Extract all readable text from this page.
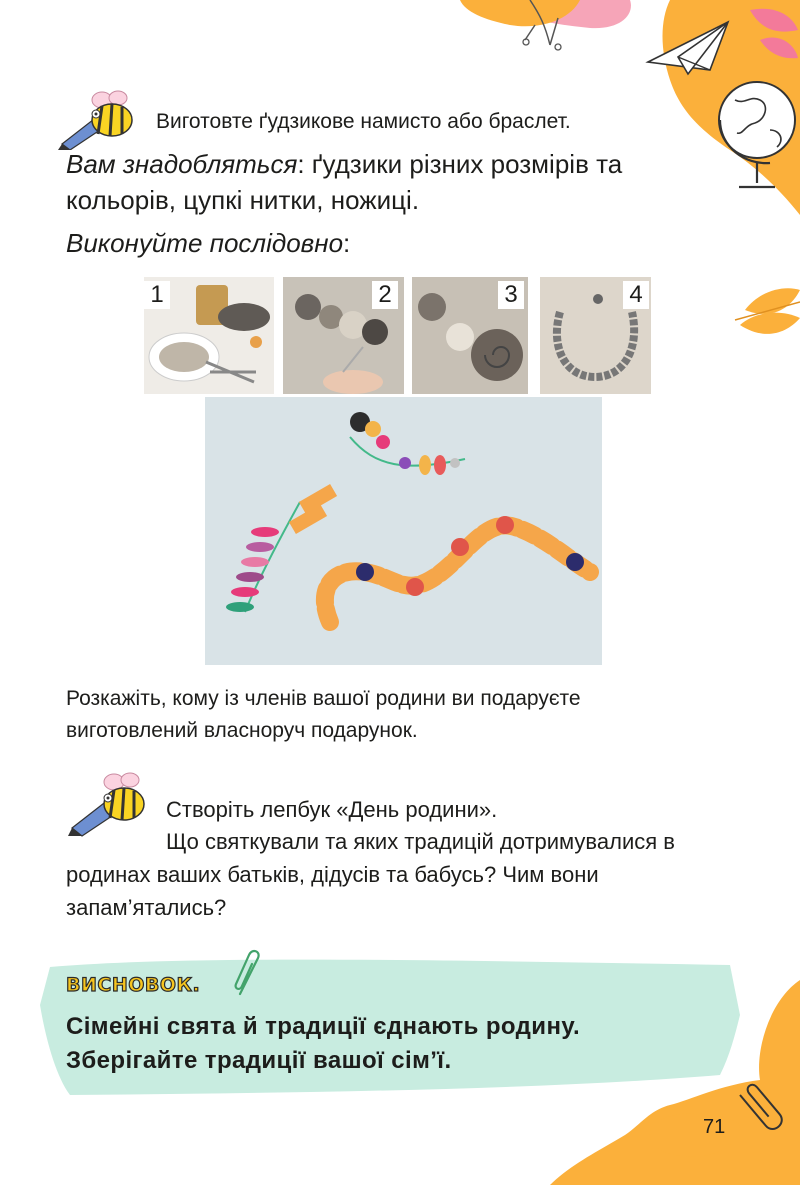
Виготовте ґудзикове намисто або браслет.
Вам знадобляться: ґудзики різних розмірів та кольорів, цупкі нитки, ножиці.
Виконуйте послідовно:
1	2	3	4
Розкажіть, кому із членів вашої родини ви подаруєте виготовлений власноруч подарунок.
Створіть лепбук «День родини».
Що святкували та яких традицій дотримувалися в родинах ваших батьків, дідусів та бабусь? Чим вони запам’ятались?
ВИСНОВОК.
Сімейні свята й традиції єднають родину.
Зберігайте традиції вашої сім’ї.
71
